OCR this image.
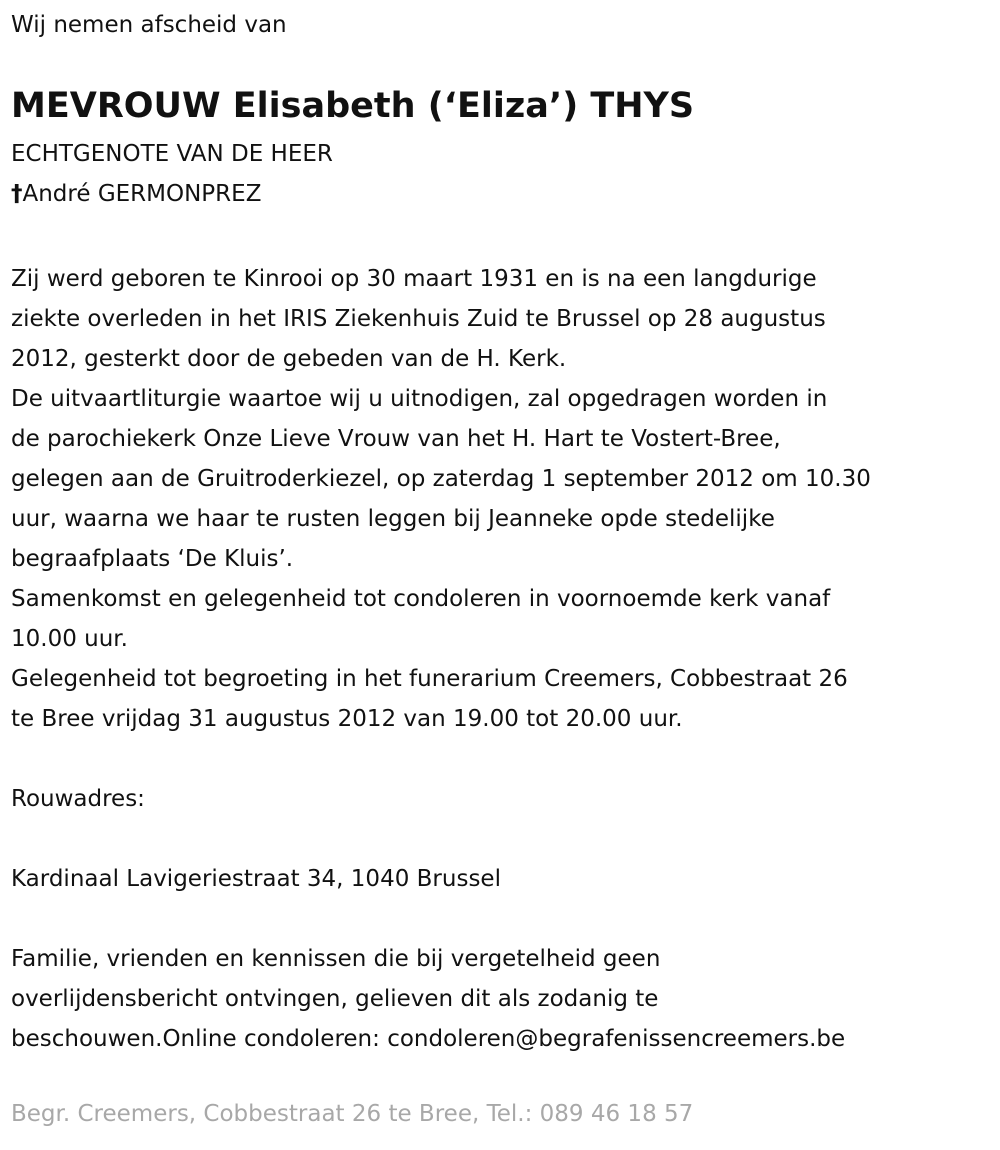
Wij nemen afscheid van
MEVROUW Elisabeth (‘Eliza’) THYS
ECHTGENOTE VAN DE HEER
†André GERMONPREZ
Zij werd geboren te Kinrooi op 30 maart 1931 en is na een langdurige
ziekte overleden in het IRIS Ziekenhuis Zuid te Brussel op 28 augustus
2012, gesterkt door de gebeden van de H. Kerk.
De uitvaartliturgie waartoe wij u uitnodigen, zal opgedragen worden in
de parochiekerk Onze Lieve Vrouw van het H. Hart te Vostert-Bree,
gelegen aan de Gruitroderkiezel, op zaterdag 1 september 2012 om 10.30
uur, waarna we haar te rusten leggen bij Jeanneke opde stedelijke
begraafplaats ‘De Kluis’.
Samenkomst en gelegenheid tot condoleren in voornoemde kerk vanaf
10.00 uur.
Gelegenheid tot begroeting in het funerarium Creemers, Cobbestraat 26
te Bree vrijdag 31 augustus 2012 van 19.00 tot 20.00 uur.
Rouwadres:
Kardinaal Lavigeriestraat 34, 1040 Brussel
Familie, vrienden en kennissen die bij vergetelheid geen
overlijdensbericht ontvingen, gelieven dit als zodanig te
beschouwen.Online condoleren: condoleren@begrafenissencreemers.be
Begr. Creemers, Cobbestraat 26 te Bree, Tel.: 089 46 18 57
